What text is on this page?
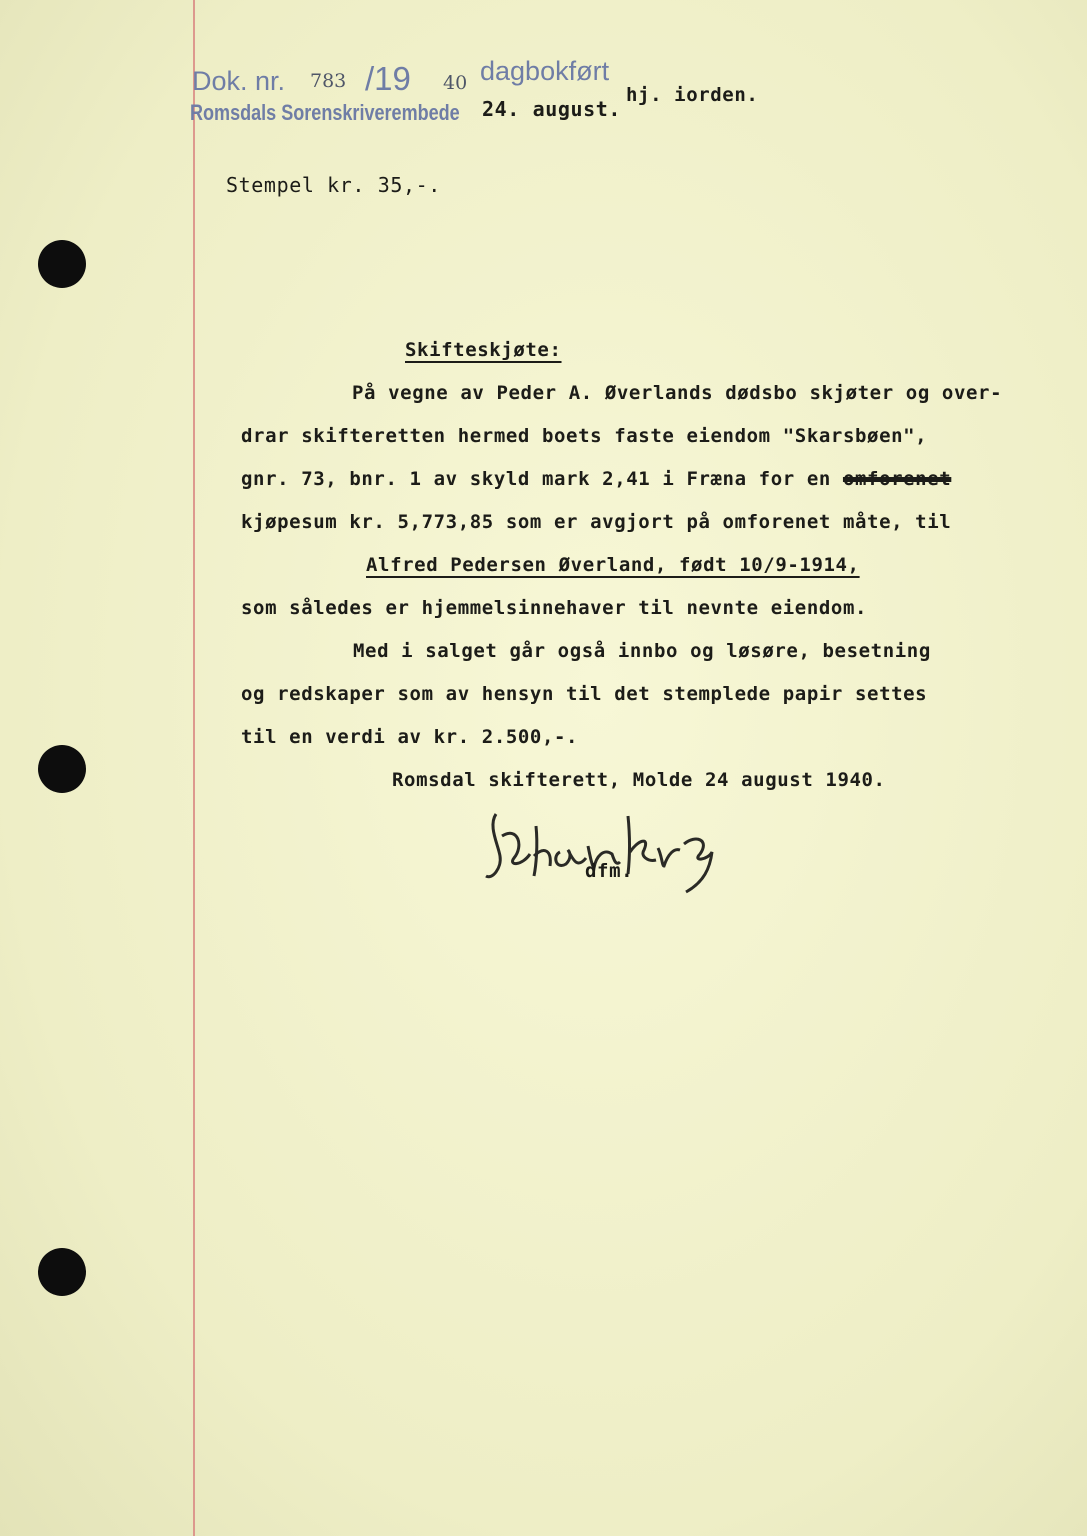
Dok. nr. 783 /19 40 dagbokført
Romsdals Sorenskriverembede 24. august.
hj. iorden.
Stempel kr. 35,-.
Skifteskjøte:
På vegne av Peder A. Øverlands dødsbo skjøter og over-
drar skifteretten hermed boets faste eiendom "Skarsbøen",
gnr. 73, bnr. 1 av skyld mark 2,41 i Fræna for en omforenet
kjøpesum kr. 5,773,85 som er avgjort på omforenet måte, til
Alfred Pedersen Øverland, født 10/9-1914,
som således er hjemmelsinnehaver til nevnte eiendom.
Med i salget går også innbo og løsøre, besetning
og redskaper som av hensyn til det stemplede papir settes
til en verdi av kr. 2.500,-.
Romsdal skifterett, Molde 24 august 1940.
dfm.
